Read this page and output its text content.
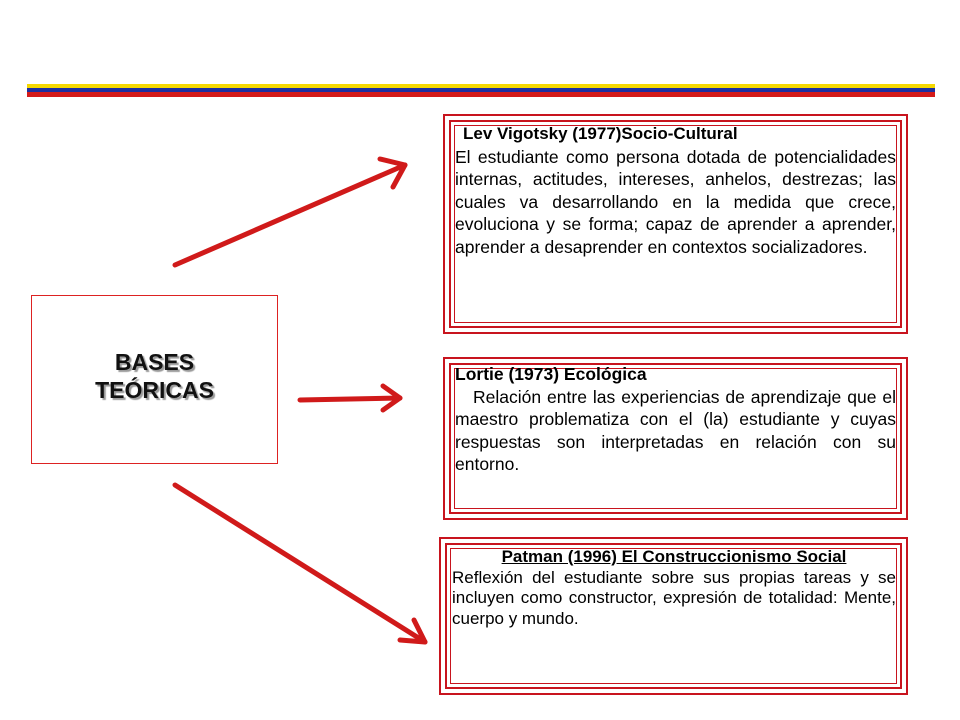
BASES
TEÓRICAS
Lev Vigotsky (1977)Socio-Cultural
El estudiante como persona dotada de potencialidades internas, actitudes, intereses, anhelos, destrezas; las cuales va desarrollando en la medida que crece, evoluciona y se forma; capaz de aprender a aprender, aprender a desaprender en contextos socializadores.
Lortie (1973) Ecológica
Relación entre las experiencias de aprendizaje que el maestro problematiza con el (la) estudiante y cuyas respuestas son interpretadas en relación con su entorno.
Patman (1996) El Construccionismo Social
Reflexión del estudiante sobre sus propias tareas y se incluyen como constructor, expresión de totalidad: Mente, cuerpo y mundo.
